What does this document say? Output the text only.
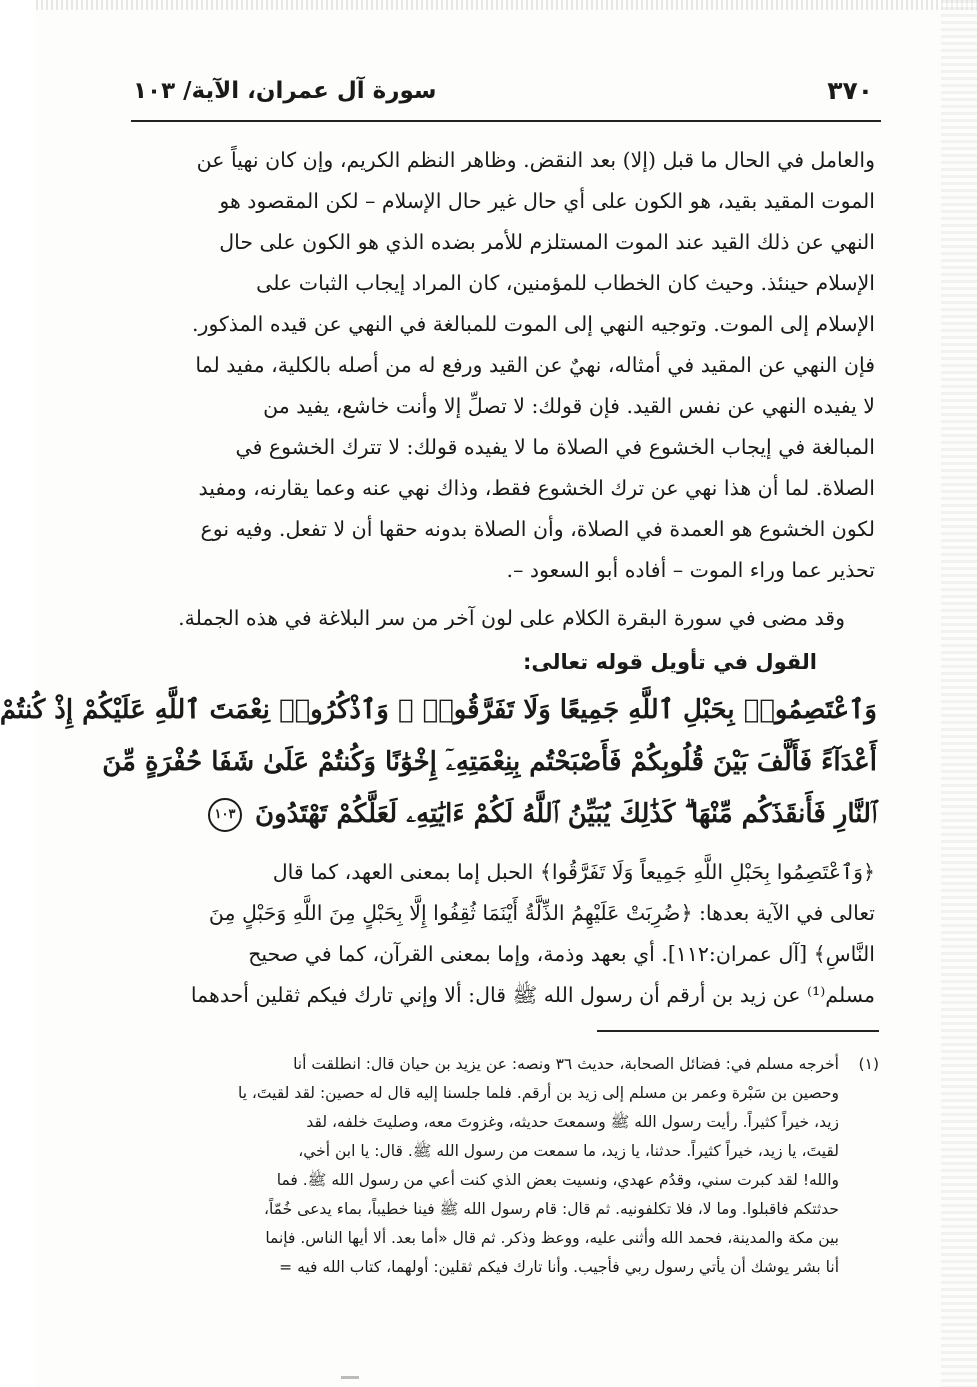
٣٧٠
سورة آل عمران، الآية/ ١٠٣
والعامل في الحال ما قبل (إلا) بعد النقض. وظاهر النظم الكريم، وإن كان نهياً عن
الموت المقيد بقيد، هو الكون على أي حال غير حال الإسلام – لكن المقصود هو
النهي عن ذلك القيد عند الموت المستلزم للأمر بضده الذي هو الكون على حال
الإسلام حينئذ. وحيث كان الخطاب للمؤمنين، كان المراد إيجاب الثبات على
الإسلام إلى الموت. وتوجيه النهي إلى الموت للمبالغة في النهي عن قيده المذكور.
فإن النهي عن المقيد في أمثاله، نهيٌ عن القيد ورفع له من أصله بالكلية، مفيد لما
لا يفيده النهي عن نفس القيد. فإن قولك: لا تصلِّ إلا وأنت خاشع، يفيد من
المبالغة في إيجاب الخشوع في الصلاة ما لا يفيده قولك: لا تترك الخشوع في
الصلاة. لما أن هذا نهي عن ترك الخشوع فقط، وذاك نهي عنه وعما يقارنه، ومفيد
لكون الخشوع هو العمدة في الصلاة، وأن الصلاة بدونه حقها أن لا تفعل. وفيه نوع
تحذير عما وراء الموت – أفاده أبو السعود –.
وقد مضى في سورة البقرة الكلام على لون آخر من سر البلاغة في هذه الجملة.
القول في تأويل قوله تعالى:
وَٱعْتَصِمُوا۟ بِحَبْلِ ٱللَّهِ جَمِيعًا وَلَا تَفَرَّقُوا۟ ۚ وَٱذْكُرُوا۟ نِعْمَتَ ٱللَّهِ عَلَيْكُمْ إِذْ كُنتُمْ
أَعْدَآءً فَأَلَّفَ بَيْنَ قُلُوبِكُمْ فَأَصْبَحْتُم بِنِعْمَتِهِۦٓ إِخْوَٰنًا وَكُنتُمْ عَلَىٰ شَفَا حُفْرَةٍ مِّنَ
ٱلنَّارِ فَأَنقَذَكُم مِّنْهَا ۗ كَذَٰلِكَ يُبَيِّنُ ٱللَّهُ لَكُمْ ءَايَٰتِهِۦ لَعَلَّكُمْ تَهْتَدُونَ ١٠٣
﴿وَٱعْتَصِمُوا بِحَبْلِ اللَّهِ جَمِيعاً وَلَا تَفَرَّقُوا﴾ الحبل إما بمعنى العهد، كما قال
تعالى في الآية بعدها: ﴿ضُرِبَتْ عَلَيْهِمُ الذِّلَّةُ أَيْنَمَا ثُقِفُوا إِلَّا بِحَبْلٍ مِنَ اللَّهِ وَحَبْلٍ مِنَ
النَّاسِ﴾ [آل عمران:١١٢]. أي بعهد وذمة، وإما بمعنى القرآن، كما في صحيح
مسلم⁽¹⁾ عن زيد بن أرقم أن رسول الله ﷺ قال: ألا وإني تارك فيكم ثقلين أحدهما
(١)
أخرجه مسلم في: فضائل الصحابة، حديث ٣٦ ونصه: عن يزيد بن حيان قال: انطلقت أنا
وحصين بن سَبْرة وعمر بن مسلم إلى زيد بن أرقم. فلما جلسنا إليه قال له حصين: لقد لقيتَ، يا
زيد، خيراً كثيراً. رأيت رسول الله ﷺ وسمعتَ حديثه، وغزوتَ معه، وصليتَ خلفه، لقد
لقيتَ، يا زيد، خيراً كثيراً. حدثنا، يا زيد، ما سمعت من رسول الله ﷺ. قال: يا ابن أخي،
والله! لقد كبرت سني، وقدُم عهدي، ونسيت بعض الذي كنت أعي من رسول الله ﷺ. فما
حدثتكم فاقبلوا. وما لا، فلا تكلفونيه. ثم قال: قام رسول الله ﷺ فينا خطيباً، بماء يدعى خُمّاً،
بين مكة والمدينة، فحمد الله وأثنى عليه، ووعظ وذكر. ثم قال «أما بعد. ألا أيها الناس. فإنما
أنا بشر يوشك أن يأتي رسول ربي فأجيب. وأنا تارك فيكم ثقلين: أولهما، كتاب الله فيه =
